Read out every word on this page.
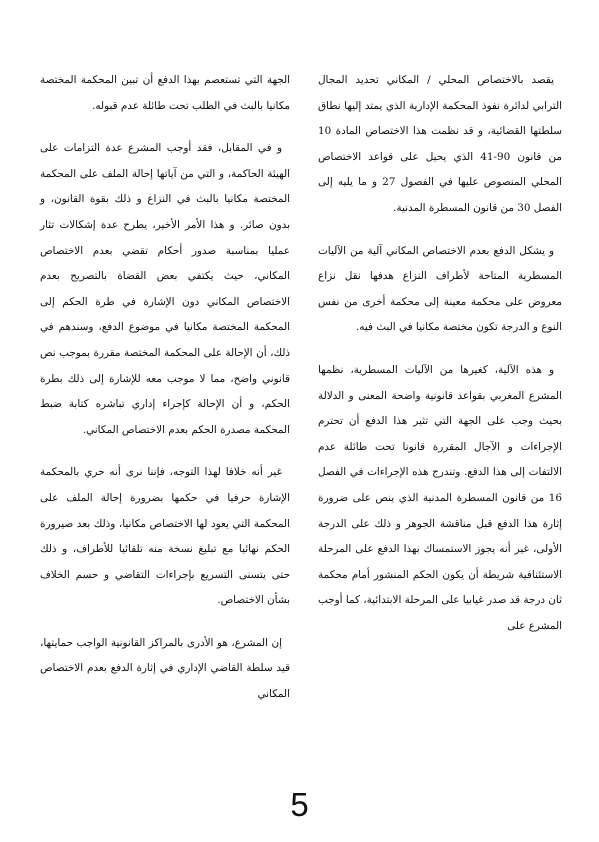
يقصد بالاختصاص المحلي / المكاني تحديد المجال الترابي لدائرة نفوذ المحكمة الإدارية الذي يمتد إليها نطاق سلطتها القضائية، و قد نظمت هذا الاختصاص المادة 10 من قانون 90-41 الذي يحيل على قواعد الاختصاص المحلي المنصوص عليها في الفصول 27 و ما يليه إلى الفصل 30 من قانون المسطرة المدنية.

و يشكل الدفع بعدم الاختصاص المكاني آلية من الآليات المسطرية المتاحة لأطراف النزاع هدفها نقل نزاع معروض على محكمة معينة إلى محكمة أخرى من نفس النوع و الدرجة تكون مختصة مكانيا في البث فيه.

و هذه الآلية، كغيرها من الآليات المسطرية، نظمها المشرع المغربي بقواعد قانونية واضحة المعنى و الدلالة بحيث وجب على الجهة التي تثير هذا الدفع أن تحترم الإجراءات و الآجال المقررة قانونا تحت طائلة عدم الالتفات إلى هذا الدفع. وتندرج هذه الإجراءات في الفصل 16 من قانون المسطرة المدنية الذي ينص على ضرورة إثارة هذا الدفع قبل مناقشة الجوهر و ذلك على الدرجة الأولى، غير أنه يجوز الاستمساك بهذا الدفع على المرحلة الاستئنافية شريطة أن يكون الحكم المنشور أمام محكمة ثان درجة قد صدر غيابيا على المرحلة الابتدائية، كما أوجب المشرع على

الجهة التي تستعصم بهذا الدفع أن تبين المحكمة المختصة مكانيا بالبث في الطلب تحت طائلة عدم قبوله.

و في المقابل، فقد أوجب المشرع عدة التزامات على الهيئة الحاكمة، و التي من آياتها إحالة الملف على المحكمة المختصة مكانيا بالبث في النزاع و ذلك بقوة القانون، و بدون صائر. و هذا الأمر الأخير، يطرح عدة إشكالات تثار عمليا بمناسبة صدور أحكام تقضي بعدم الاختصاص المكاني، حيث يكتفي بعض القضاة بالتصريح بعدم الاختصاص المكاني دون الإشارة في طرة الحكم إلى المحكمة المختصة مكانيا في موضوع الدفع، وسندهم في ذلك، أن الإحالة على المحكمة المختصة مقررة بموجب نص قانوني واضح، مما لا موجب معه للإشارة إلى ذلك بطرة الحكم، و أن الإحالة كإجراء إداري تباشره كتابة ضبط المحكمة مصدرة الحكم بعدم الاختصاص المكاني.

غير أنه خلافا لهذا التوجه، فإننا نرى أنه حري بالمحكمة الإشارة حرفيا في حكمها بضرورة إحالة الملف على المحكمة التي يعود لها الاختصاص مكانيا، وذلك بعد صيرورة الحكم نهائيا مع تبليغ نسخة منه تلقائيا للأطراف، و ذلك حتى يتسنى التسريع بإجراءات التقاضي و حسم الخلاف بشأن الاختصاص.

إن المشرع، هو الأدرى بالمراكز القانونية الواجب حمايتها، قيد سلطة القاضي الإداري في إثارة الدفع بعدم الاختصاص المكاني

5
